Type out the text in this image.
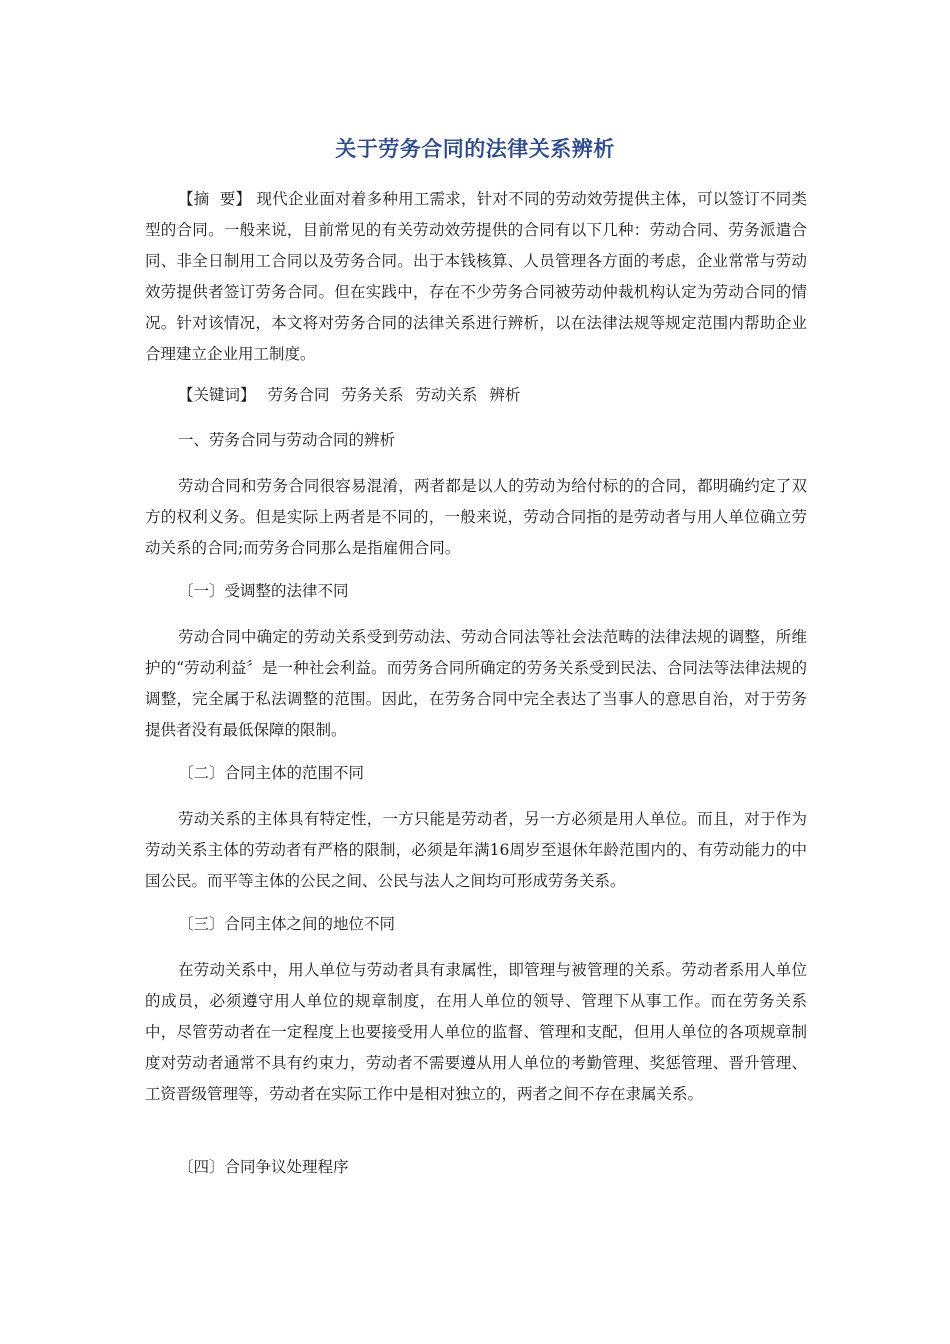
关于劳务合同的法律关系辨析
【摘  要】 现代企业面对着多种用工需求，针对不同的劳动效劳提供主体，可以签订不同类型的合同。一般来说，目前常见的有关劳动效劳提供的合同有以下几种：劳动合同、劳务派遣合同、非全日制用工合同以及劳务合同。出于本钱核算、人员管理各方面的考虑，企业常常与劳动效劳提供者签订劳务合同。但在实践中，存在不少劳务合同被劳动仲裁机构认定为劳动合同的情况。针对该情况，本文将对劳务合同的法律关系进行辨析，以在法律法规等规定范围内帮助企业合理建立企业用工制度。
【关键词】 劳务合同 劳务关系 劳动关系 辨析
一、劳务合同与劳动合同的辨析
劳动合同和劳务合同很容易混淆，两者都是以人的劳动为给付标的的合同，都明确约定了双方的权利义务。但是实际上两者是不同的，一般来说，劳动合同指的是劳动者与用人单位确立劳动关系的合同;而劳务合同那么是指雇佣合同。
〔一〕受调整的法律不同
劳动合同中确定的劳动关系受到劳动法、劳动合同法等社会法范畴的法律法规的调整，所维护的“劳动利益〞是一种社会利益。而劳务合同所确定的劳务关系受到民法、合同法等法律法规的调整，完全属于私法调整的范围。因此，在劳务合同中完全表达了当事人的意思自治，对于劳务提供者没有最低保障的限制。
〔二〕合同主体的范围不同
劳动关系的主体具有特定性，一方只能是劳动者，另一方必须是用人单位。而且，对于作为劳动关系主体的劳动者有严格的限制，必须是年满16周岁至退休年龄范围内的、有劳动能力的中国公民。而平等主体的公民之间、公民与法人之间均可形成劳务关系。
〔三〕合同主体之间的地位不同
在劳动关系中，用人单位与劳动者具有隶属性，即管理与被管理的关系。劳动者系用人单位的成员，必须遵守用人单位的规章制度，在用人单位的领导、管理下从事工作。而在劳务关系中，尽管劳动者在一定程度上也要接受用人单位的监督、管理和支配，但用人单位的各项规章制度对劳动者通常不具有约束力，劳动者不需要遵从用人单位的考勤管理、奖惩管理、晋升管理、工资晋级管理等，劳动者在实际工作中是相对独立的，两者之间不存在隶属关系。
〔四〕合同争议处理程序
